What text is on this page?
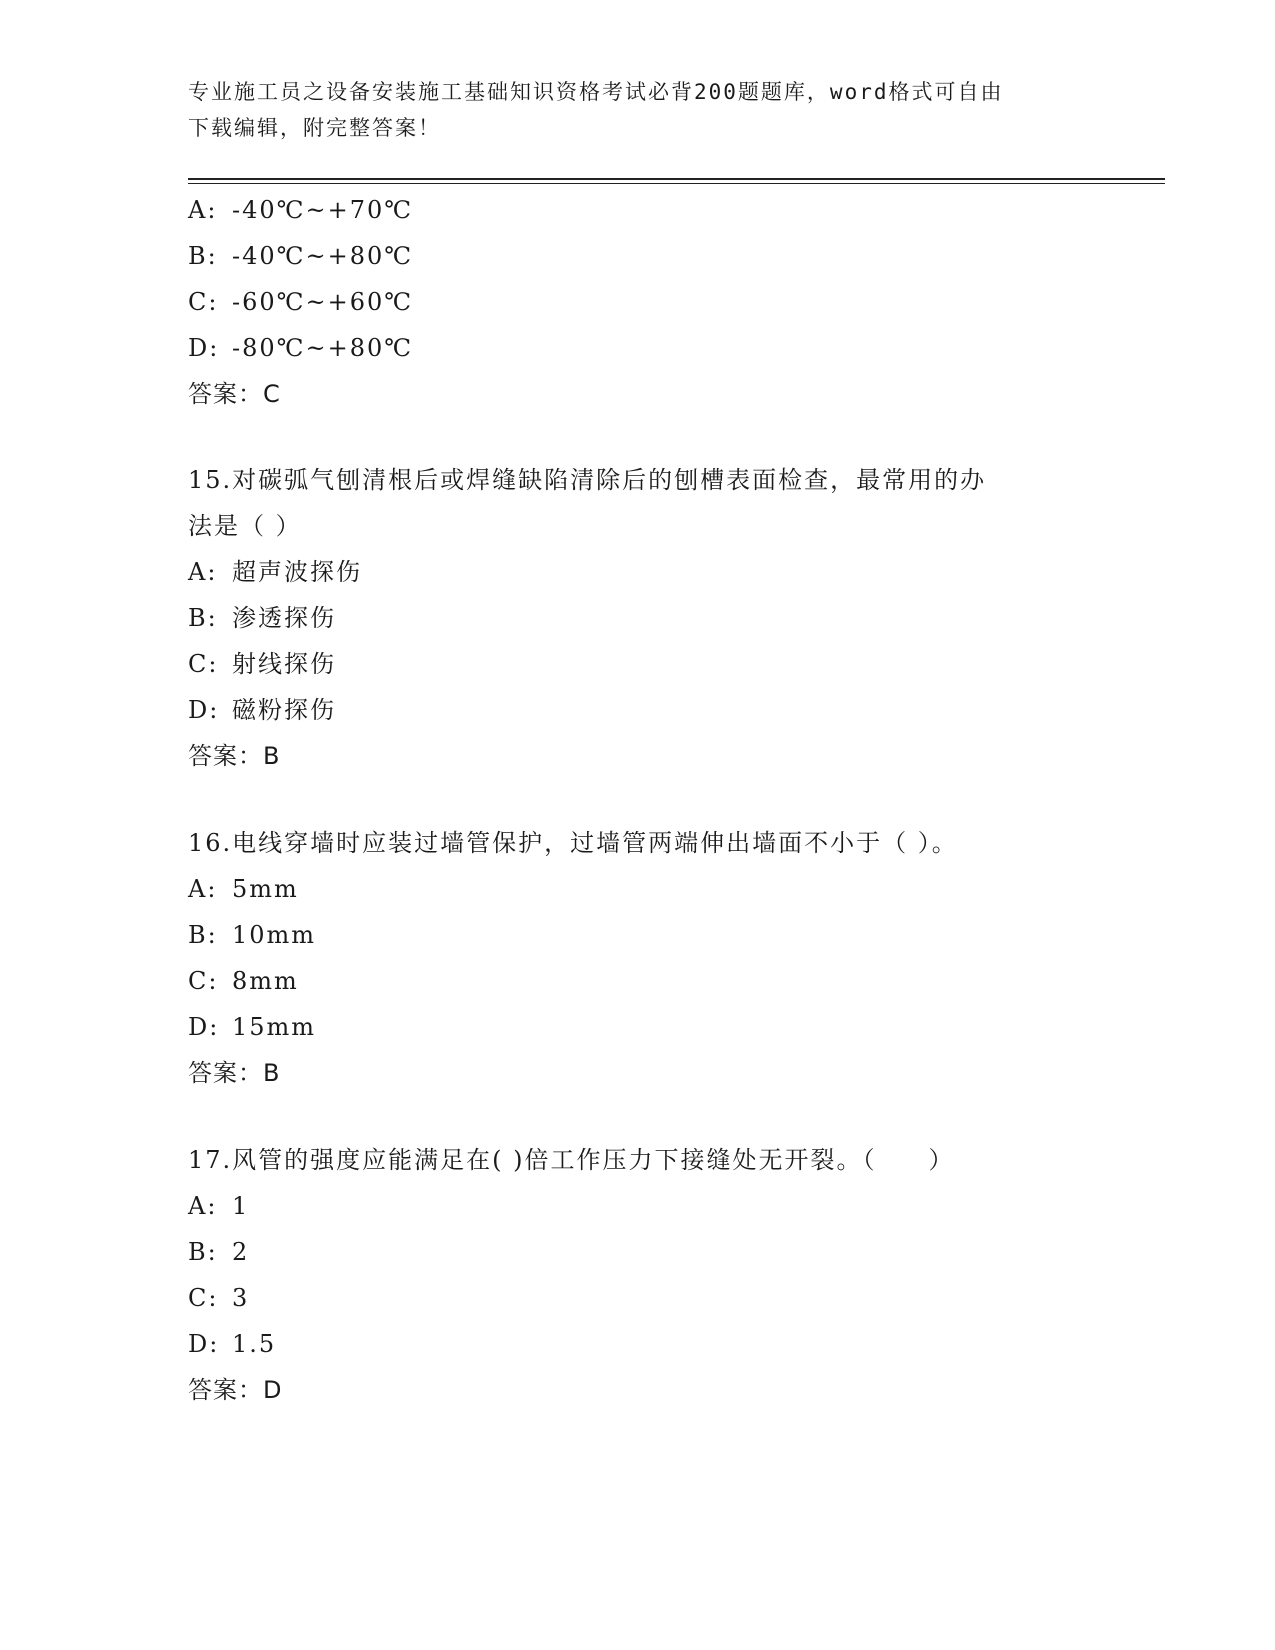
专业施工员之设备安装施工基础知识资格考试必背200题题库，word格式可自由
下载编辑，附完整答案！
A: -40℃~+70℃
B: -40℃~+80℃
C: -60℃~+60℃
D: -80℃~+80℃
答案：C
15.对碳弧气刨清根后或焊缝缺陷清除后的刨槽表面检查，最常用的办
法是（ ）
A: 超声波探伤
B: 渗透探伤
C: 射线探伤
D: 磁粉探伤
答案：B
16.电线穿墙时应装过墙管保护，过墙管两端伸出墙面不小于（ ）。
A: 5mm
B: 10mm
C: 8mm
D: 15mm
答案：B
17.风管的强度应能满足在( )倍工作压力下接缝处无开裂。（　　）
A: 1
B: 2
C: 3
D: 1.5
答案：D
